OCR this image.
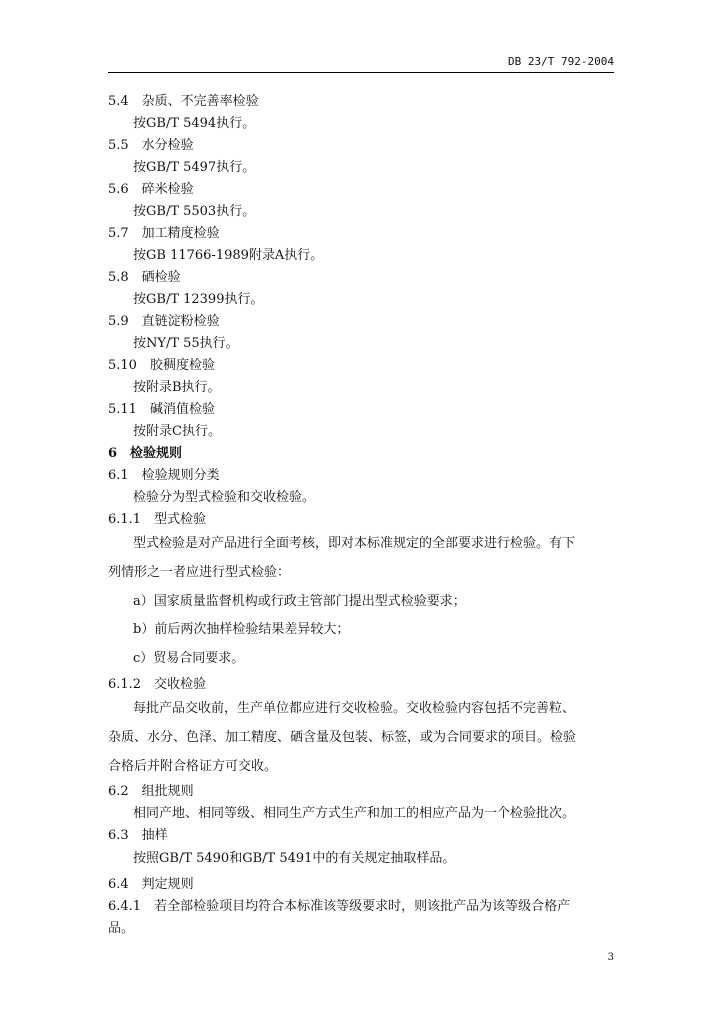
DB 23/T 792-2004
5.4　杂质、不完善率检验
按GB/T 5494执行。
5.5　水分检验
按GB/T 5497执行。
5.6　碎米检验
按GB/T 5503执行。
5.7　加工精度检验
按GB 11766-1989附录A执行。
5.8　硒检验
按GB/T 12399执行。
5.9　直链淀粉检验
按NY/T 55执行。
5.10　胶稠度检验
按附录B执行。
5.11　碱消值检验
按附录C执行。
6　检验规则
6.1　检验规则分类
检验分为型式检验和交收检验。
6.1.1　型式检验
型式检验是对产品进行全面考核，即对本标准规定的全部要求进行检验。有下
列情形之一者应进行型式检验：
a）国家质量监督机构或行政主管部门提出型式检验要求；
b）前后两次抽样检验结果差异较大；
c）贸易合同要求。
6.1.2　交收检验
每批产品交收前，生产单位都应进行交收检验。交收检验内容包括不完善粒、
杂质、水分、色泽、加工精度、硒含量及包装、标签，或为合同要求的项目。检验
合格后并附合格证方可交收。
6.2　组批规则
相同产地、相同等级、相同生产方式生产和加工的相应产品为一个检验批次。
6.3　抽样
按照GB/T 5490和GB/T 5491中的有关规定抽取样品。
6.4　判定规则
6.4.1　若全部检验项目均符合本标准该等级要求时，则该批产品为该等级合格产
品。
3
